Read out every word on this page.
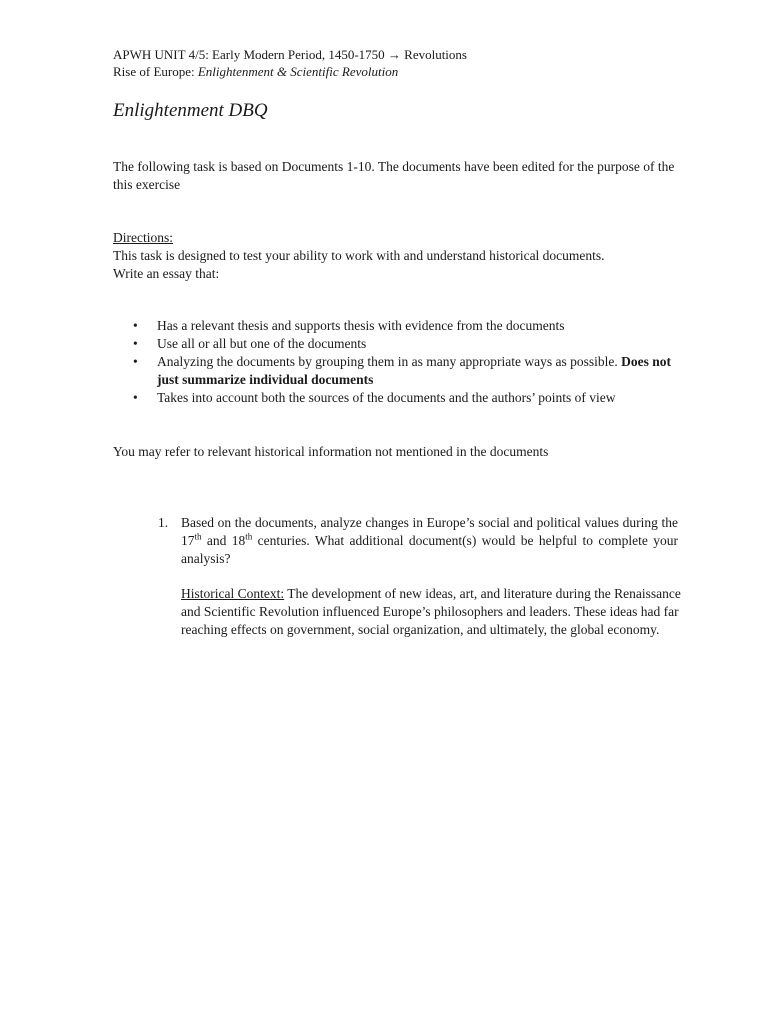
APWH UNIT 4/5: Early Modern Period, 1450-1750 → Revolutions
Rise of Europe: Enlightenment & Scientific Revolution
Enlightenment DBQ

The following task is based on Documents 1-10. The documents have been edited for the purpose of the this exercise

Directions:
This task is designed to test your ability to work with and understand historical documents.
Write an essay that:
• Has a relevant thesis and supports thesis with evidence from the documents
• Use all or all but one of the documents
• Analyzing the documents by grouping them in as many appropriate ways as possible. Does not just summarize individual documents
• Takes into account both the sources of the documents and the authors’ points of view

You may refer to relevant historical information not mentioned in the documents

1. Based on the documents, analyze changes in Europe’s social and political values during the 17th and 18th centuries. What additional document(s) would be helpful to complete your analysis?

Historical Context: The development of new ideas, art, and literature during the Renaissance and Scientific Revolution influenced Europe’s philosophers and leaders. These ideas had far reaching effects on government, social organization, and ultimately, the global economy.
